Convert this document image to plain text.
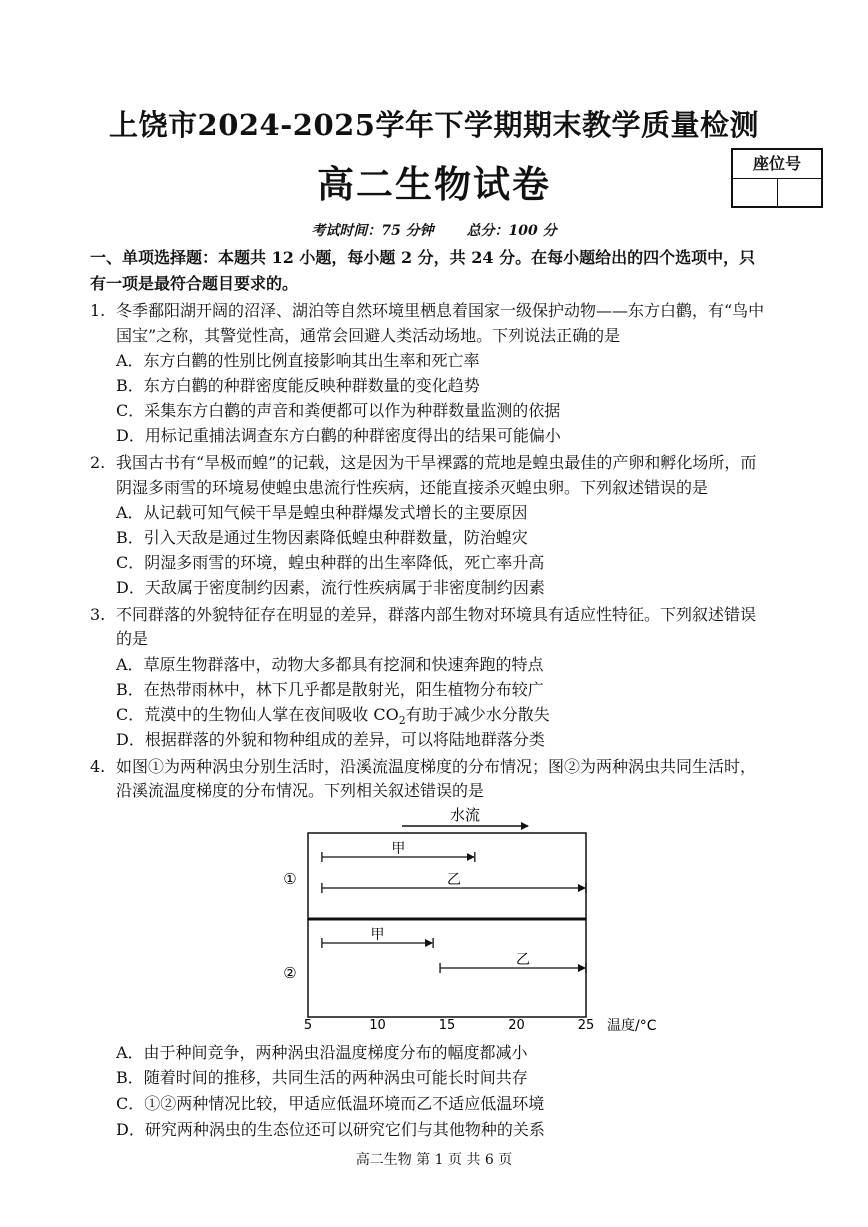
上饶市2024-2025学年下学期期末教学质量检测
高二生物试卷	座位号
考试时间：75 分钟 总分：100 分
一、单项选择题：本题共 12 小题，每小题 2 分，共 24 分。在每小题给出的四个选项中，只
有一项是最符合题目要求的。
1. 冬季鄱阳湖开阔的沼泽、湖泊等自然环境里栖息着国家一级保护动物——东方白鹳，有“鸟中
国宝”之称，其警觉性高，通常会回避人类活动场地。下列说法正确的是
A．东方白鹳的性别比例直接影响其出生率和死亡率
B．东方白鹳的种群密度能反映种群数量的变化趋势
C．采集东方白鹳的声音和粪便都可以作为种群数量监测的依据
D．用标记重捕法调查东方白鹳的种群密度得出的结果可能偏小
2. 我国古书有“旱极而蝗”的记载，这是因为干旱裸露的荒地是蝗虫最佳的产卵和孵化场所，而
阴湿多雨雪的环境易使蝗虫患流行性疾病，还能直接杀灭蝗虫卵。下列叙述错误的是
A．从记载可知气候干旱是蝗虫种群爆发式增长的主要原因
B．引入天敌是通过生物因素降低蝗虫种群数量，防治蝗灾
C．阴湿多雨雪的环境，蝗虫种群的出生率降低，死亡率升高
D．天敌属于密度制约因素，流行性疾病属于非密度制约因素
3. 不同群落的外貌特征存在明显的差异，群落内部生物对环境具有适应性特征。下列叙述错误
的是
A．草原生物群落中，动物大多都具有挖洞和快速奔跑的特点
B．在热带雨林中，林下几乎都是散射光，阳生植物分布较广
C．荒漠中的生物仙人掌在夜间吸收 $CO_2$有助于减少水分散失
D．根据群落的外貌和物种组成的差异，可以将陆地群落分类
4. 如图①为两种涡虫分别生活时，沿溪流温度梯度的分布情况；图②为两种涡虫共同生活时，
沿溪流温度梯度的分布情况。下列相关叙述错误的是
水流
①
②
甲
乙
甲
乙
5	10	15	20	25 温度/°C
A．由于种间竞争，两种涡虫沿温度梯度分布的幅度都减小
B．随着时间的推移，共同生活的两种涡虫可能长时间共存
C．①②两种情况比较，甲适应低温环境而乙不适应低温环境
D．研究两种涡虫的生态位还可以研究它们与其他物种的关系
高二生物 第 1 页 共 6 页
